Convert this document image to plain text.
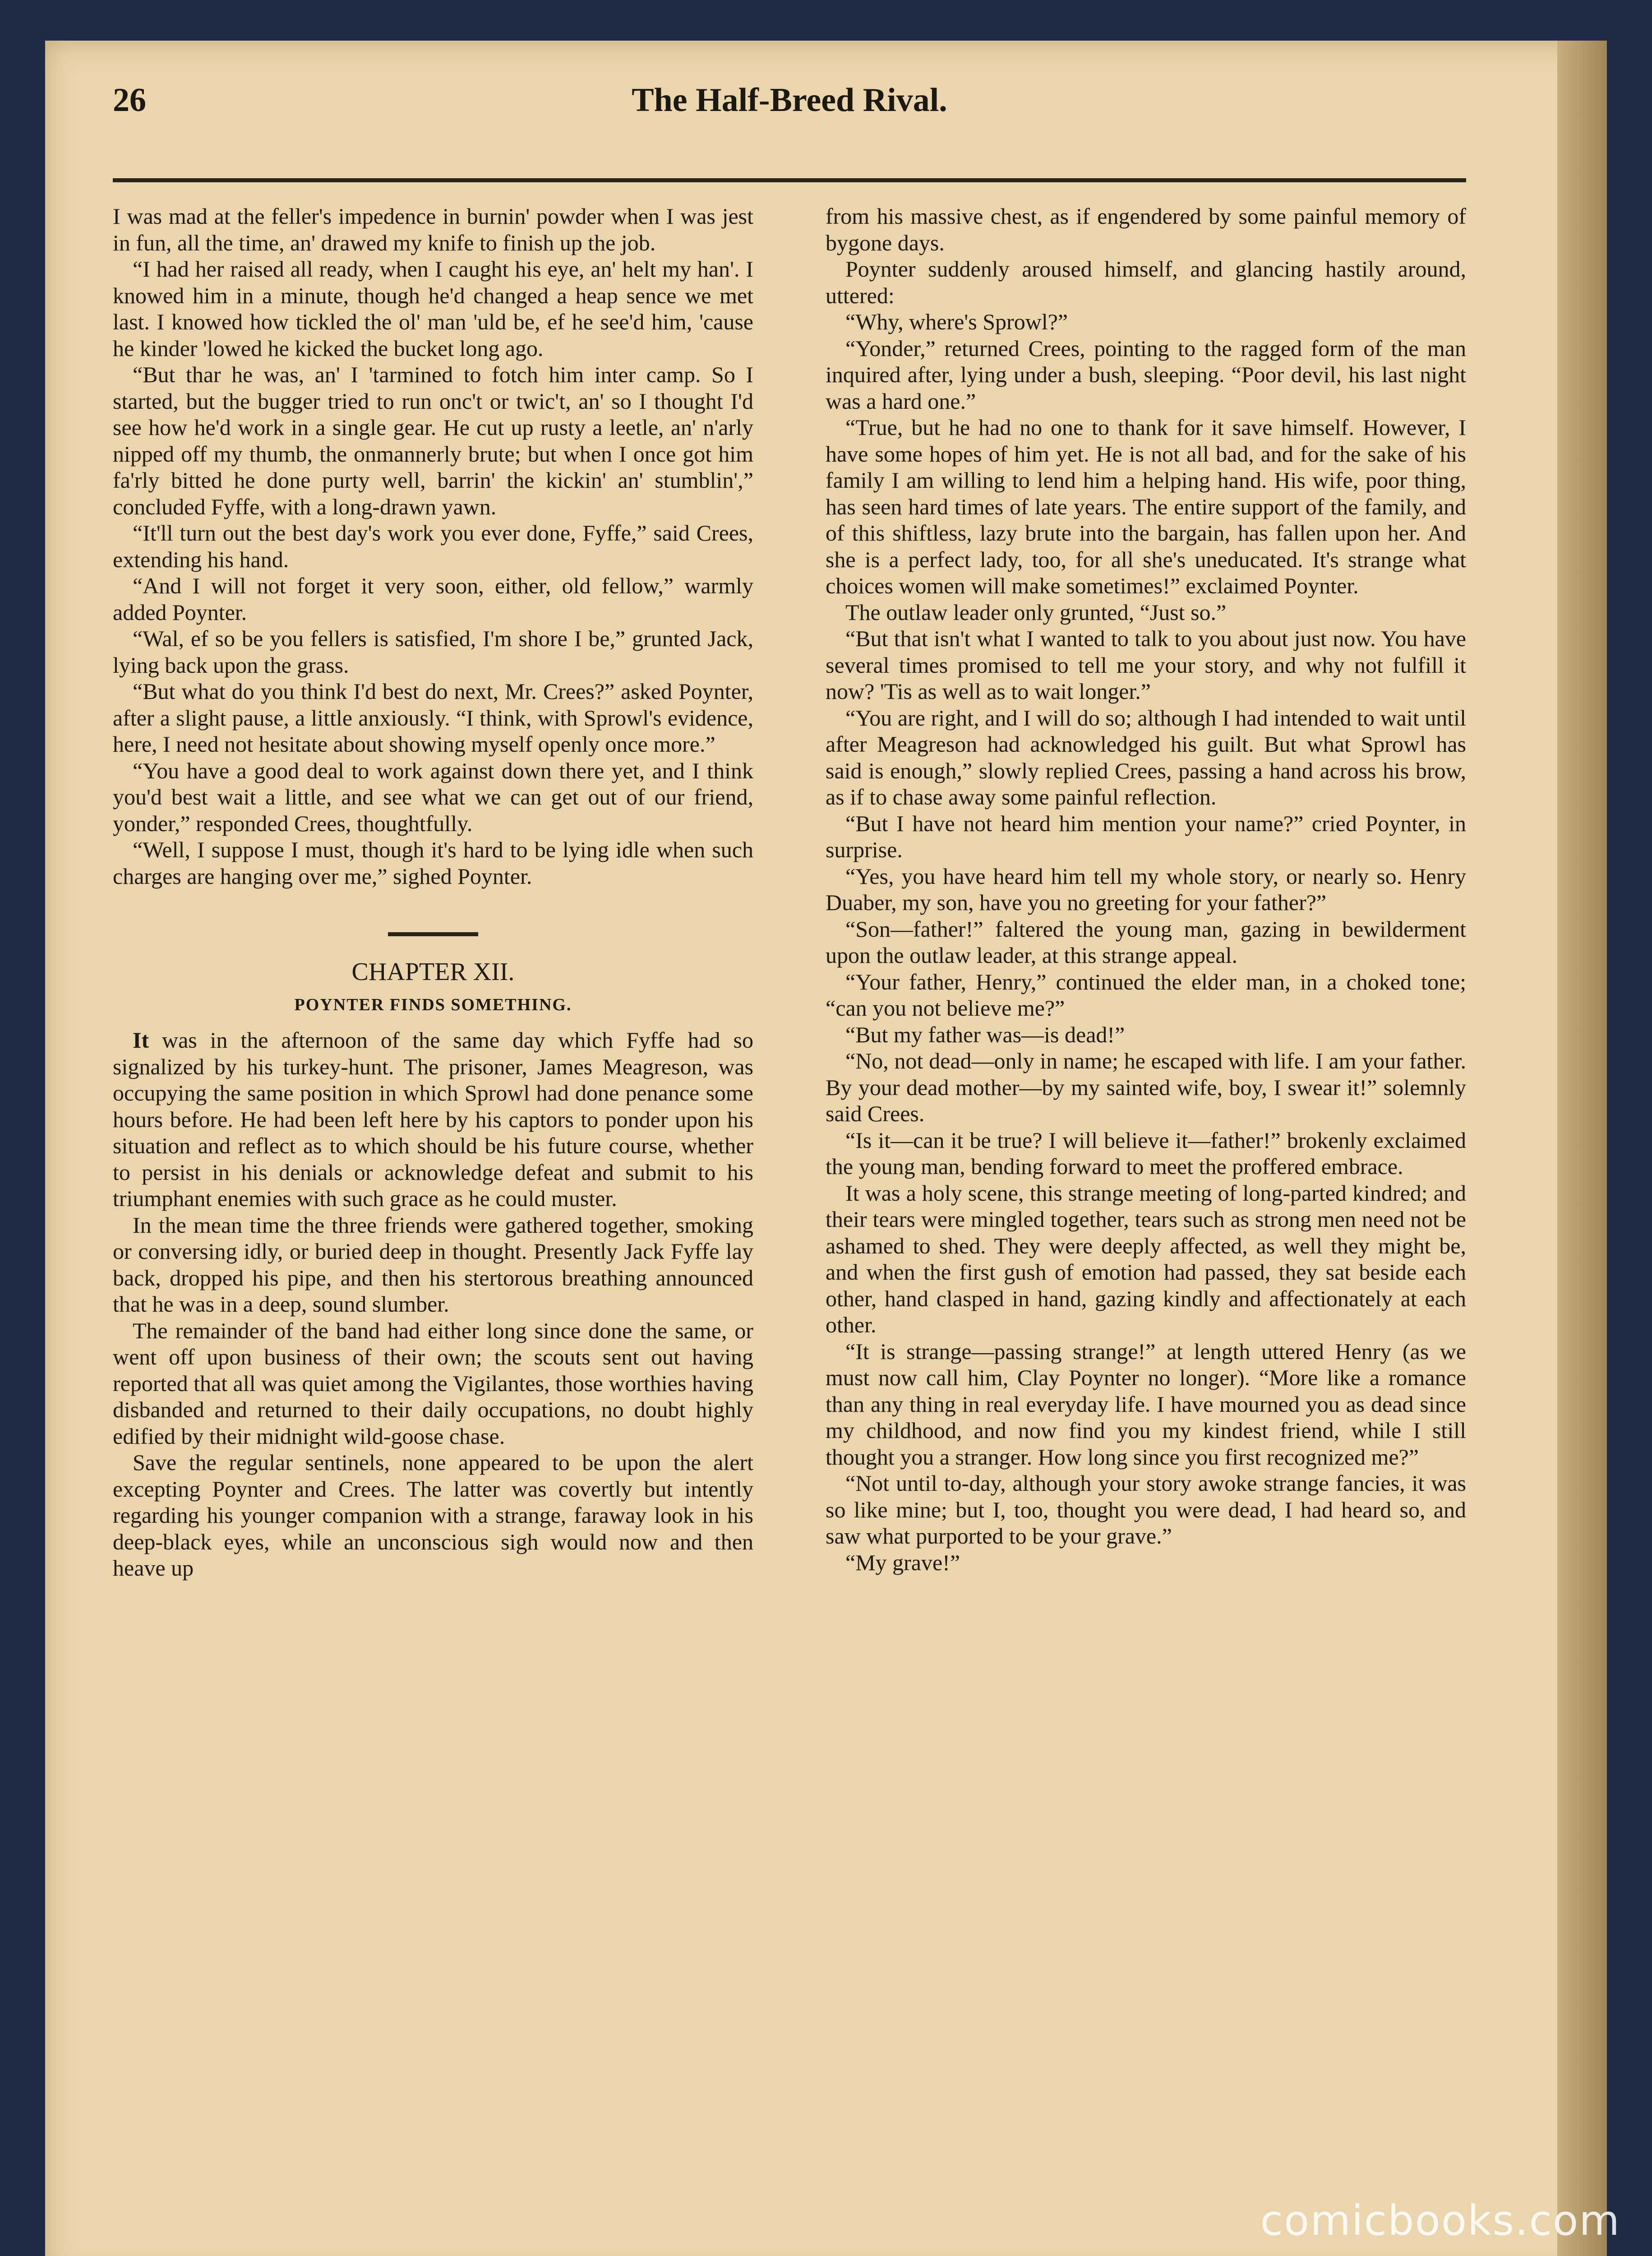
The Half-Breed Rival.
26

I was mad at the feller's impedence in burnin' powder when I was jest in fun, all the time, an' drawed my knife to finish up the job.

“I had her raised all ready, when I caught his eye, an' helt my han'. I knowed him in a minute, though he'd changed a heap sence we met last. I knowed how tickled the ol' man 'uld be, ef he see'd him, 'cause he kinder 'lowed he kicked the bucket long ago.

“But thar he was, an' I 'tarmined to fotch him inter camp. So I started, but the bugger tried to run onc't or twic't, an' so I thought I'd see how he'd work in a single gear. He cut up rusty a leetle, an' n'arly nipped off my thumb, the onmannerly brute; but when I once got him fa'rly bitted he done purty well, barrin' the kickin' an' stumblin',” concluded Fyffe, with a long-drawn yawn.

“It'll turn out the best day's work you ever done, Fyffe,” said Crees, extending his hand.

“And I will not forget it very soon, either, old fellow,” warmly added Poynter.

“Wal, ef so be you fellers is satisfied, I'm shore I be,” grunted Jack, lying back upon the grass.

“But what do you think I'd best do next, Mr. Crees?” asked Poynter, after a slight pause, a little anxiously. “I think, with Sprowl's evidence, here, I need not hesitate about showing myself openly once more.”

“You have a good deal to work against down there yet, and I think you'd best wait a little, and see what we can get out of our friend, yonder,” responded Crees, thoughtfully.

“Well, I suppose I must, though it's hard to be lying idle when such charges are hanging over me,” sighed Poynter.

CHAPTER XII.
POYNTER FINDS SOMETHING.

It was in the afternoon of the same day which Fyffe had so signalized by his turkey-hunt. The prisoner, James Meagreson, was occupying the same position in which Sprowl had done penance some hours before. He had been left here by his captors to ponder upon his situation and reflect as to which should be his future course, whether to persist in his denials or acknowledge defeat and submit to his triumphant enemies with such grace as he could muster.

In the mean time the three friends were gathered together, smoking or conversing idly, or buried deep in thought. Presently Jack Fyffe lay back, dropped his pipe, and then his stertorous breathing announced that he was in a deep, sound slumber.

The remainder of the band had either long since done the same, or went off upon business of their own; the scouts sent out having reported that all was quiet among the Vigilantes, those worthies having disbanded and returned to their daily occupations, no doubt highly edified by their midnight wild-goose chase.

Save the regular sentinels, none appeared to be upon the alert excepting Poynter and Crees. The latter was covertly but intently regarding his younger companion with a strange, faraway look in his deep-black eyes, while an unconscious sigh would now and then heave up

from his massive chest, as if engendered by some painful memory of bygone days.

Poynter suddenly aroused himself, and glancing hastily around, uttered:

“Why, where's Sprowl?”

“Yonder,” returned Crees, pointing to the ragged form of the man inquired after, lying under a bush, sleeping. “Poor devil, his last night was a hard one.”

“True, but he had no one to thank for it save himself. However, I have some hopes of him yet. He is not all bad, and for the sake of his family I am willing to lend him a helping hand. His wife, poor thing, has seen hard times of late years. The entire support of the family, and of this shiftless, lazy brute into the bargain, has fallen upon her. And she is a perfect lady, too, for all she's uneducated. It's strange what choices women will make sometimes!” exclaimed Poynter.

The outlaw leader only grunted, “Just so.”

“But that isn't what I wanted to talk to you about just now. You have several times promised to tell me your story, and why not fulfill it now? 'Tis as well as to wait longer.”

“You are right, and I will do so; although I had intended to wait until after Meagreson had acknowledged his guilt. But what Sprowl has said is enough,” slowly replied Crees, passing a hand across his brow, as if to chase away some painful reflection.

“But I have not heard him mention your name?” cried Poynter, in surprise.

“Yes, you have heard him tell my whole story, or nearly so. Henry Duaber, my son, have you no greeting for your father?”

“Son—father!” faltered the young man, gazing in bewilderment upon the outlaw leader, at this strange appeal.

“Your father, Henry,” continued the elder man, in a choked tone; “can you not believe me?”

“But my father was—is dead!”

“No, not dead—only in name; he escaped with life. I am your father. By your dead mother—by my sainted wife, boy, I swear it!” solemnly said Crees.

“Is it—can it be true? I will believe it—father!” brokenly exclaimed the young man, bending forward to meet the proffered embrace.

It was a holy scene, this strange meeting of long-parted kindred; and their tears were mingled together, tears such as strong men need not be ashamed to shed. They were deeply affected, as well they might be, and when the first gush of emotion had passed, they sat beside each other, hand clasped in hand, gazing kindly and affectionately at each other.

“It is strange—passing strange!” at length uttered Henry (as we must now call him, Clay Poynter no longer). “More like a romance than any thing in real everyday life. I have mourned you as dead since my childhood, and now find you my kindest friend, while I still thought you a stranger. How long since you first recognized me?”

“Not until to-day, although your story awoke strange fancies, it was so like mine; but I, too, thought you were dead, I had heard so, and saw what purported to be your grave.”

“My grave!”

comicbooks.com
